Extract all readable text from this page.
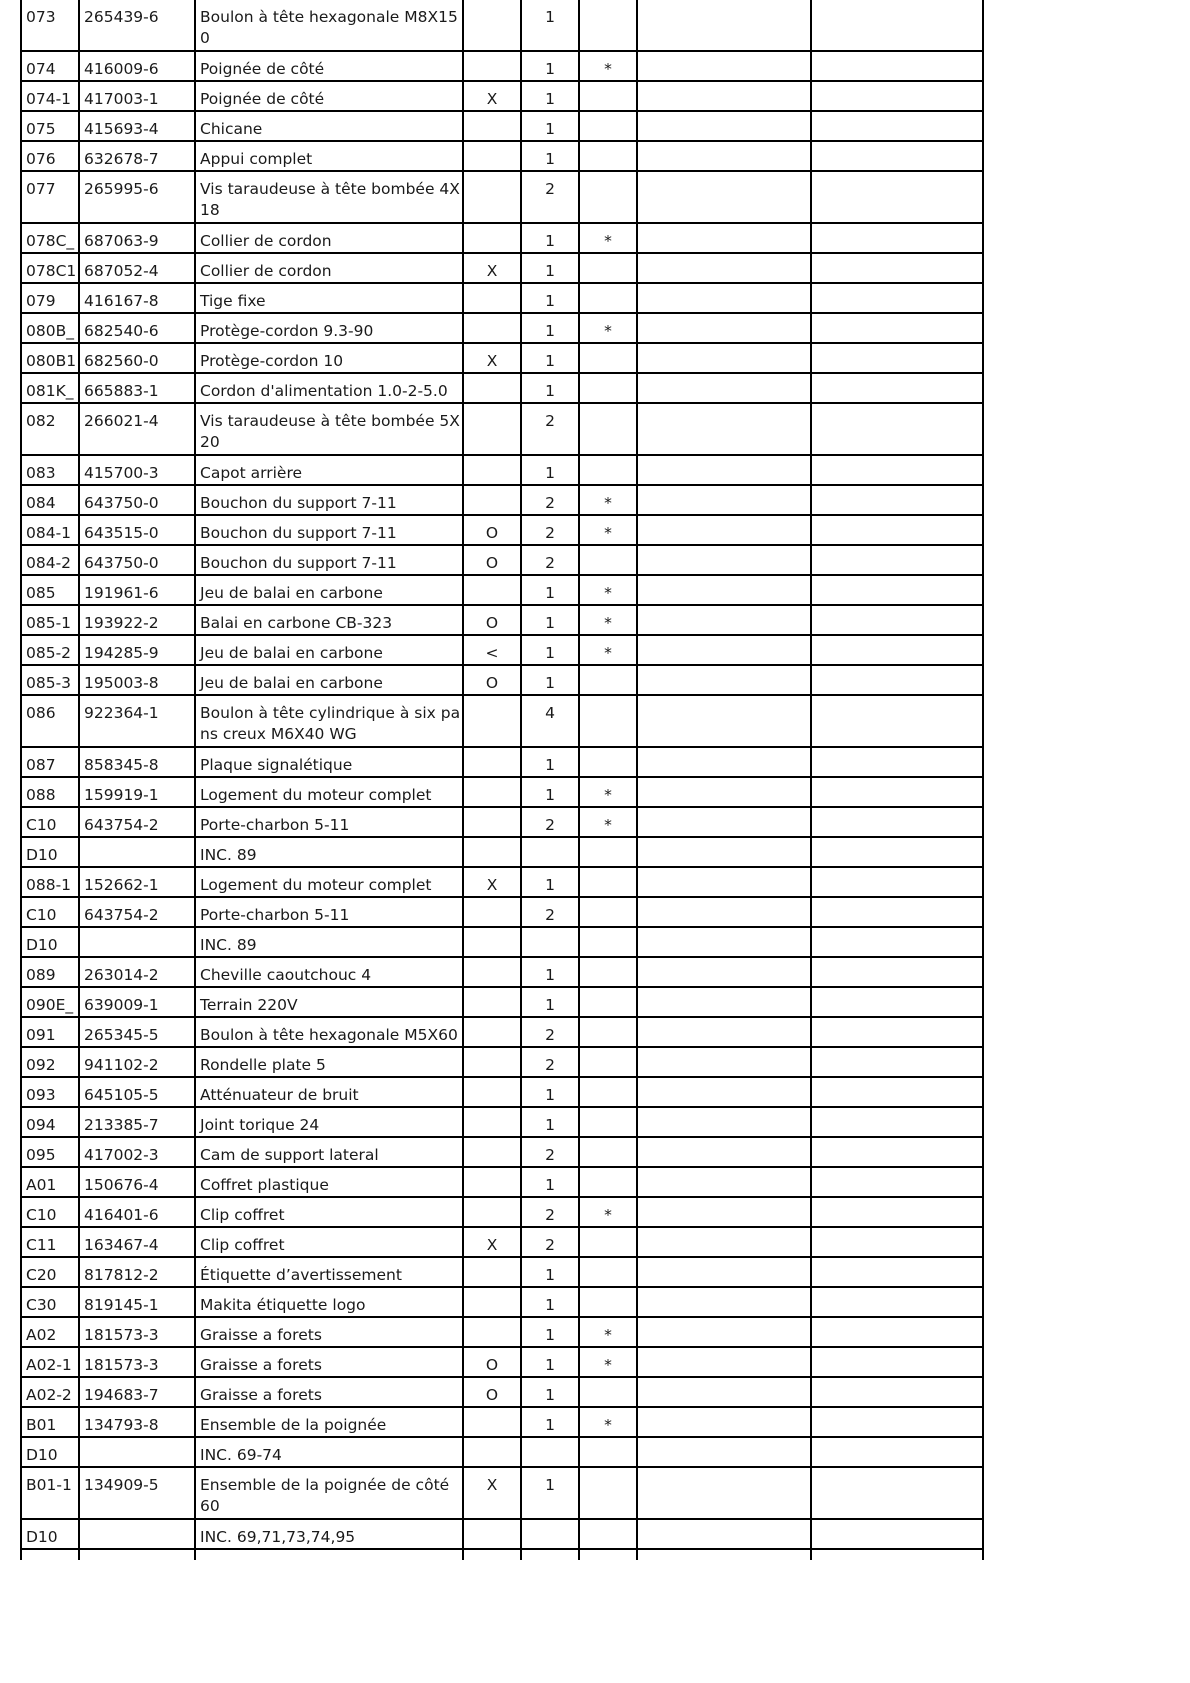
073	265439-6	Boulon à tête hexagonale M8X15 0		1			

074	416009-6	Poignée de côté		1	*		

074-1	417003-1	Poignée de côté	X	1			

075	415693-4	Chicane		1			

076	632678-7	Appui complet		1			

077	265995-6	Vis taraudeuse à tête bombée 4X 18		2			

078C_	687063-9	Collier de cordon		1	*		

078C1	687052-4	Collier de cordon	X	1			

079	416167-8	Tige fixe		1			

080B_	682540-6	Protège-cordon 9.3-90		1	*		

080B1	682560-0	Protège-cordon 10	X	1			

081K_	665883-1	Cordon d'alimentation 1.0-2-5.0		1			

082	266021-4	Vis taraudeuse à tête bombée 5X 20		2			

083	415700-3	Capot arrière		1			

084	643750-0	Bouchon du support 7-11		2	*		

084-1	643515-0	Bouchon du support 7-11	O	2	*		

084-2	643750-0	Bouchon du support 7-11	O	2			

085	191961-6	Jeu de balai en carbone		1	*		

085-1	193922-2	Balai en carbone CB-323	O	1	*		

085-2	194285-9	Jeu de balai en carbone	<	1	*		

085-3	195003-8	Jeu de balai en carbone	O	1			

086	922364-1	Boulon à tête cylindrique à six pa ns creux M6X40 WG		4			

087	858345-8	Plaque signalétique		1			

088	159919-1	Logement du moteur complet		1	*		

C10	643754-2	Porte-charbon 5-11		2	*		

D10		INC. 89					

088-1	152662-1	Logement du moteur complet	X	1			

C10	643754-2	Porte-charbon 5-11		2			

D10		INC. 89					

089	263014-2	Cheville caoutchouc 4		1			

090E_	639009-1	Terrain 220V		1			

091	265345-5	Boulon à tête hexagonale M5X60		2			

092	941102-2	Rondelle plate 5		2			

093	645105-5	Atténuateur de bruit		1			

094	213385-7	Joint torique 24		1			

095	417002-3	Cam de support lateral		2			

A01	150676-4	Coffret plastique		1			

C10	416401-6	Clip coffret		2	*		

C11	163467-4	Clip coffret	X	2			

C20	817812-2	Étiquette d’avertissement		1			

C30	819145-1	Makita étiquette logo		1			

A02	181573-3	Graisse a forets		1	*		

A02-1	181573-3	Graisse a forets	O	1	*		

A02-2	194683-7	Graisse a forets	O	1			

B01	134793-8	Ensemble de la poignée		1	*		

D10		INC. 69-74					

B01-1	134909-5	Ensemble de la poignée de côté 60	X	1			

D10		INC. 69,71,73,74,95					
